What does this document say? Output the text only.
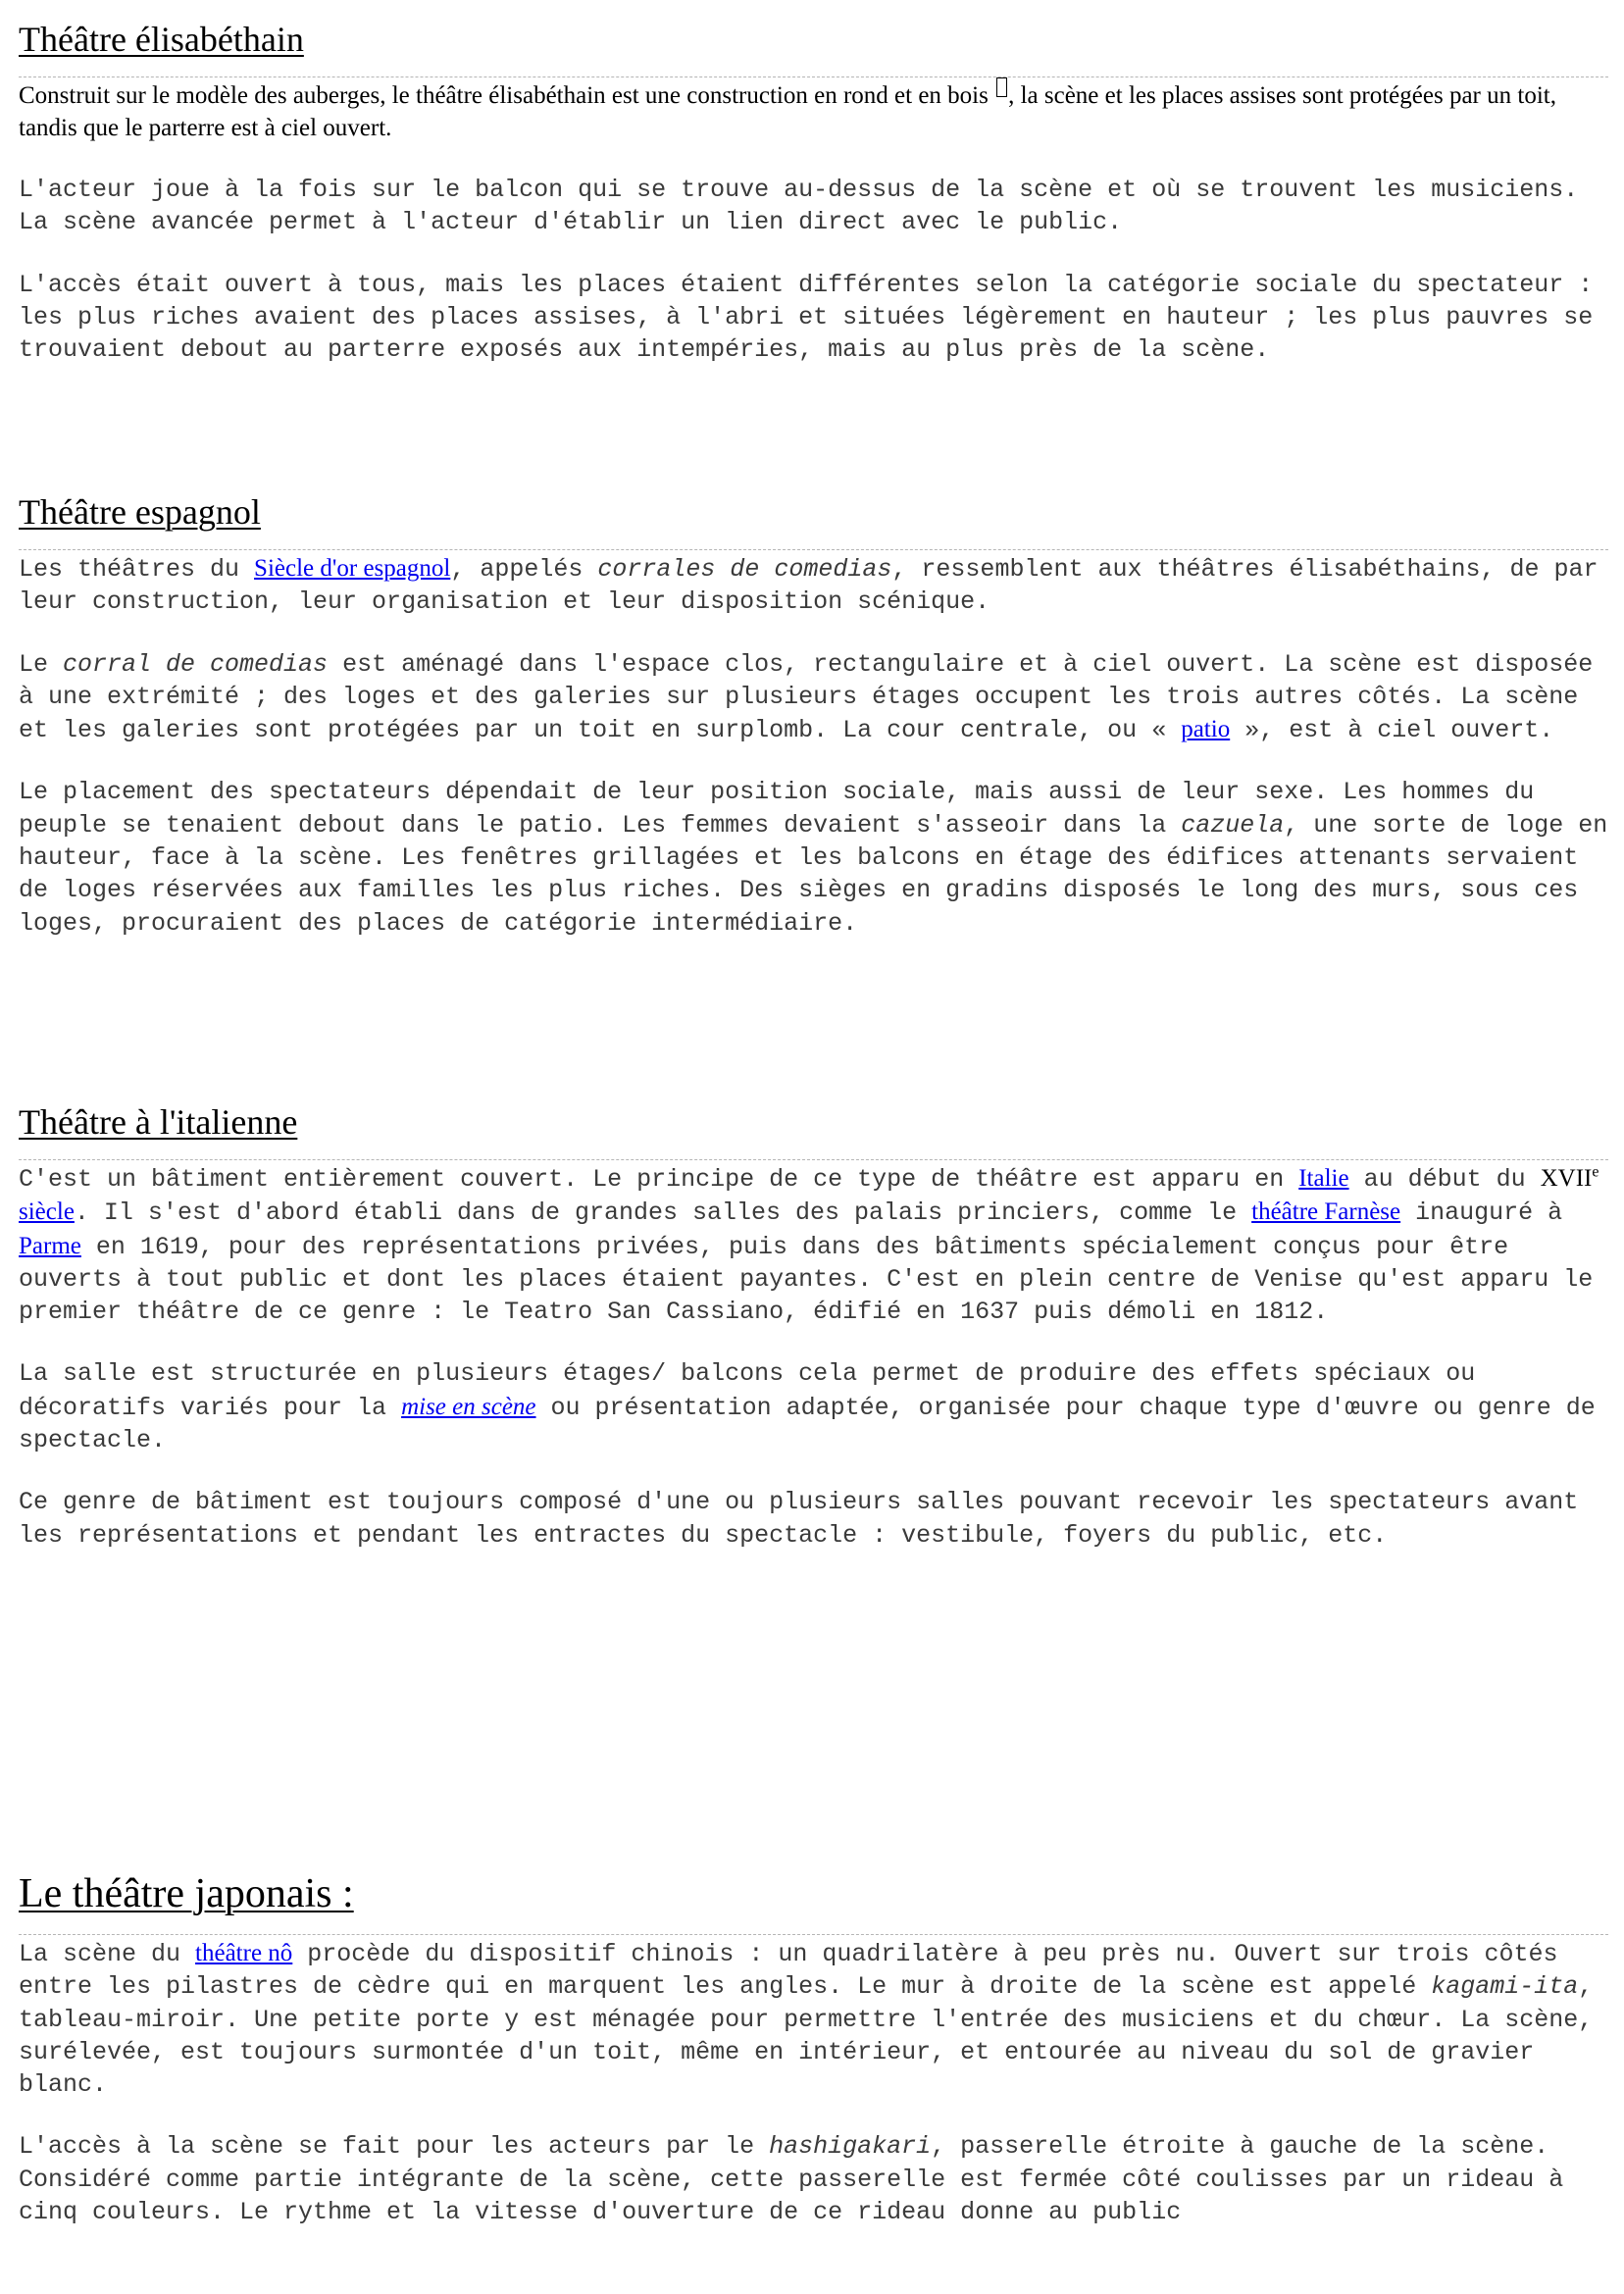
Théâtre élisabéthain

Construit sur le modèle des auberges, le théâtre élisabéthain est une construction en rond et en bois , la scène et les places assises sont protégées par un toit, tandis que le parterre est à ciel ouvert.

L'acteur joue à la fois sur le balcon qui se trouve au-dessus de la scène et où se trouvent les musiciens. La scène avancée permet à l'acteur d'établir un lien direct avec le public.

L'accès était ouvert à tous, mais les places étaient différentes selon la catégorie sociale du spectateur : les plus riches avaient des places assises, à l'abri et situées légèrement en hauteur ; les plus pauvres se trouvaient debout au parterre exposés aux intempéries, mais au plus près de la scène.

Théâtre espagnol

Les théâtres du Siècle d'or espagnol, appelés corrales de comedias, ressemblent aux théâtres élisabéthains, de par leur construction, leur organisation et leur disposition scénique.

Le corral de comedias est aménagé dans l'espace clos, rectangulaire et à ciel ouvert. La scène est disposée à une extrémité ; des loges et des galeries sur plusieurs étages occupent les trois autres côtés. La scène et les galeries sont protégées par un toit en surplomb. La cour centrale, ou « patio », est à ciel ouvert.

Le placement des spectateurs dépendait de leur position sociale, mais aussi de leur sexe. Les hommes du peuple se tenaient debout dans le patio. Les femmes devaient s'asseoir dans la cazuela, une sorte de loge en hauteur, face à la scène. Les fenêtres grillagées et les balcons en étage des édifices attenants servaient de loges réservées aux familles les plus riches. Des sièges en gradins disposés le long des murs, sous ces loges, procuraient des places de catégorie intermédiaire.

Théâtre à l'italienne

C'est un bâtiment entièrement couvert. Le principe de ce type de théâtre est apparu en Italie au début du XVIIe siècle. Il s'est d'abord établi dans de grandes salles des palais princiers, comme le théâtre Farnèse inauguré à Parme en 1619, pour des représentations privées, puis dans des bâtiments spécialement conçus pour être ouverts à tout public et dont les places étaient payantes. C'est en plein centre de Venise qu'est apparu le premier théâtre de ce genre : le Teatro San Cassiano, édifié en 1637 puis démoli en 1812.

La salle est structurée en plusieurs étages/ balcons cela permet de produire des effets spéciaux ou décoratifs variés pour la mise en scène ou présentation adaptée, organisée pour chaque type d'œuvre ou genre de spectacle.

Ce genre de bâtiment est toujours composé d'une ou plusieurs salles pouvant recevoir les spectateurs avant les représentations et pendant les entractes du spectacle : vestibule, foyers du public, etc.

Le théâtre japonais :

La scène du théâtre nô procède du dispositif chinois : un quadrilatère à peu près nu. Ouvert sur trois côtés entre les pilastres de cèdre qui en marquent les angles. Le mur à droite de la scène est appelé kagami-ita, tableau-miroir. Une petite porte y est ménagée pour permettre l'entrée des musiciens et du chœur. La scène, surélevée, est toujours surmontée d'un toit, même en intérieur, et entourée au niveau du sol de gravier blanc.

L'accès à la scène se fait pour les acteurs par le hashigakari, passerelle étroite à gauche de la scène. Considéré comme partie intégrante de la scène, cette passerelle est fermée côté coulisses par un rideau à cinq couleurs. Le rythme et la vitesse d'ouverture de ce rideau donne au public
